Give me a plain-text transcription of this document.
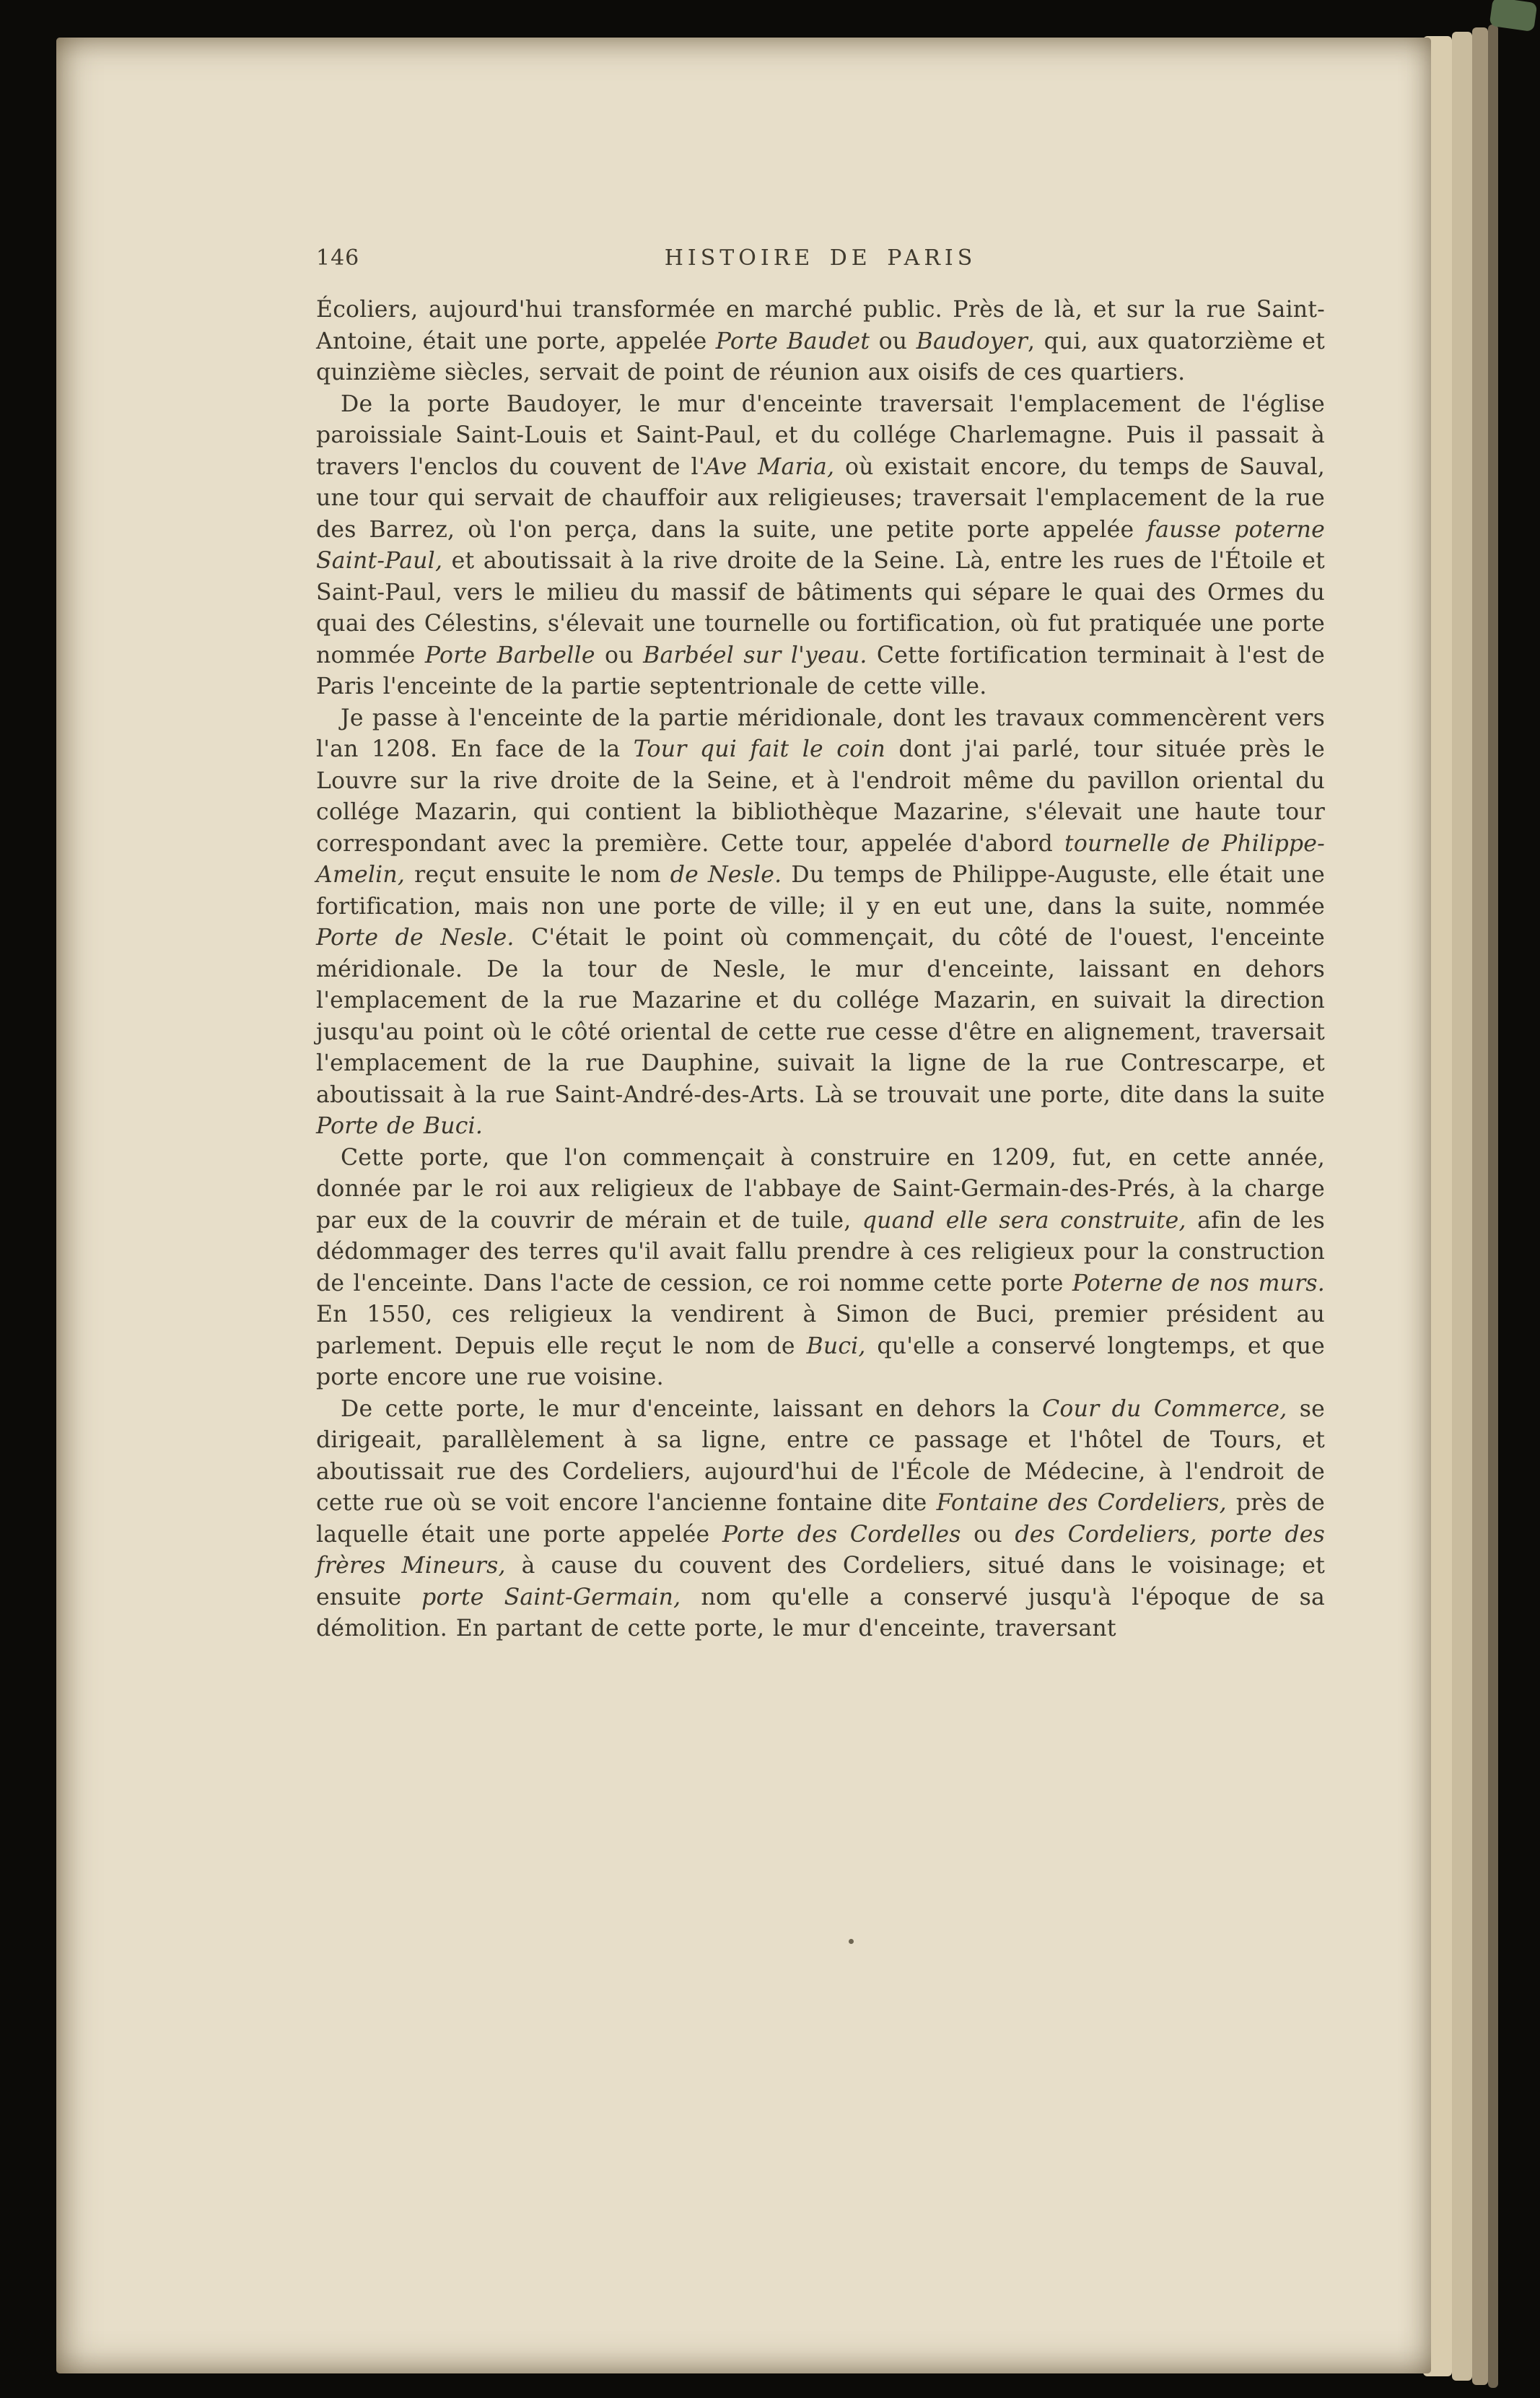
146	HISTOIRE DE PARIS

Écoliers, aujourd'hui transformée en marché public. Près de là, et sur la rue Saint-Antoine, était une porte, appelée Porte Baudet ou Baudoyer, qui, aux quatorzième et quinzième siècles, servait de point de réunion aux oisifs de ces quartiers.

De la porte Baudoyer, le mur d'enceinte traversait l'emplacement de l'église paroissiale Saint-Louis et Saint-Paul, et du collége Charlemagne. Puis il passait à travers l'enclos du couvent de l'Ave Maria, où existait encore, du temps de Sauval, une tour qui servait de chauffoir aux religieuses; traversait l'emplacement de la rue des Barrez, où l'on perça, dans la suite, une petite porte appelée fausse poterne Saint-Paul, et aboutissait à la rive droite de la Seine. Là, entre les rues de l'Étoile et Saint-Paul, vers le milieu du massif de bâtiments qui sépare le quai des Ormes du quai des Célestins, s'élevait une tournelle ou fortification, où fut pratiquée une porte nommée Porte Barbelle ou Barbéel sur l'yeau. Cette fortification terminait à l'est de Paris l'enceinte de la partie septentrionale de cette ville.

Je passe à l'enceinte de la partie méridionale, dont les travaux commencèrent vers l'an 1208. En face de la Tour qui fait le coin dont j'ai parlé, tour située près le Louvre sur la rive droite de la Seine, et à l'endroit même du pavillon oriental du collége Mazarin, qui contient la bibliothèque Mazarine, s'élevait une haute tour correspondant avec la première. Cette tour, appelée d'abord tournelle de Philippe-Amelin, reçut ensuite le nom de Nesle. Du temps de Philippe-Auguste, elle était une fortification, mais non une porte de ville; il y en eut une, dans la suite, nommée Porte de Nesle. C'était le point où commençait, du côté de l'ouest, l'enceinte méridionale. De la tour de Nesle, le mur d'enceinte, laissant en dehors l'emplacement de la rue Mazarine et du collége Mazarin, en suivait la direction jusqu'au point où le côté oriental de cette rue cesse d'être en alignement, traversait l'emplacement de la rue Dauphine, suivait la ligne de la rue Contrescarpe, et aboutissait à la rue Saint-André-des-Arts. Là se trouvait une porte, dite dans la suite Porte de Buci.

Cette porte, que l'on commençait à construire en 1209, fut, en cette année, donnée par le roi aux religieux de l'abbaye de Saint-Germain-des-Prés, à la charge par eux de la couvrir de mérain et de tuile, quand elle sera construite, afin de les dédommager des terres qu'il avait fallu prendre à ces religieux pour la construction de l'enceinte. Dans l'acte de cession, ce roi nomme cette porte Poterne de nos murs. En 1550, ces religieux la vendirent à Simon de Buci, premier président au parlement. Depuis elle reçut le nom de Buci, qu'elle a conservé longtemps, et que porte encore une rue voisine.

De cette porte, le mur d'enceinte, laissant en dehors la Cour du Commerce, se dirigeait, parallèlement à sa ligne, entre ce passage et l'hôtel de Tours, et aboutissait rue des Cordeliers, aujourd'hui de l'École de Médecine, à l'endroit de cette rue où se voit encore l'ancienne fontaine dite Fontaine des Cordeliers, près de laquelle était une porte appelée Porte des Cordelles ou des Cordeliers, porte des frères Mineurs, à cause du couvent des Cordeliers, situé dans le voisinage; et ensuite porte Saint-Germain, nom qu'elle a conservé jusqu'à l'époque de sa démolition. En partant de cette porte, le mur d'enceinte, traversant
